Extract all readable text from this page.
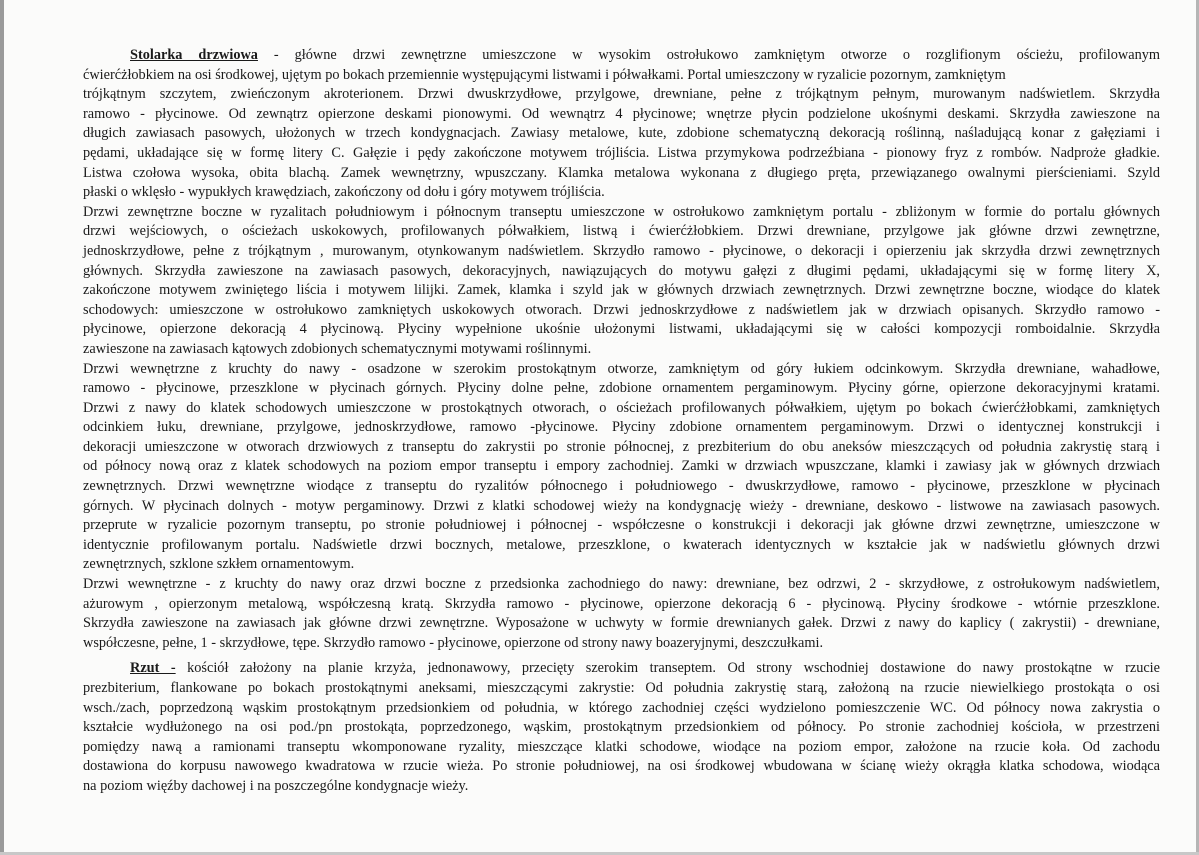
Stolarka drzwiowa - główne drzwi zewnętrzne umieszczone w wysokim ostrołukowo zamkniętym otworze o rozglifionym ościeżu, profilowanym
ćwierćżłobkiem na osi środkowej, ujętym po bokach przemiennie występującymi listwami i półwałkami. Portal umieszczony w ryzalicie pozornym, zamkniętym
trójkątnym szczytem, zwieńczonym akroterionem. Drzwi dwuskrzydłowe, przylgowe, drewniane, pełne z trójkątnym pełnym, murowanym nadświetlem. Skrzydła
ramowo - płycinowe. Od zewnątrz opierzone deskami pionowymi. Od wewnątrz 4 płycinowe; wnętrze płycin podzielone ukośnymi deskami. Skrzydła zawieszone na
długich zawiasach pasowych, ułożonych w trzech kondygnacjach. Zawiasy metalowe, kute, zdobione schematyczną dekoracją roślinną, naśladującą konar z gałęziami i
pędami, układające się w formę litery C. Gałęzie i pędy zakończone motywem trójliścia. Listwa przymykowa podrzeźbiana - pionowy fryz z rombów. Nadproże gładkie.
Listwa czołowa wysoka, obita blachą. Zamek wewnętrzny, wpuszczany. Klamka metalowa wykonana z długiego pręta, przewiązanego owalnymi pierścieniami. Szyld
płaski o wklęsło - wypukłych krawędziach, zakończony od dołu i góry motywem trójliścia.
Drzwi zewnętrzne boczne w ryzalitach południowym i północnym transeptu umieszczone w ostrołukowo zamkniętym portalu - zbliżonym w formie do portalu głównych
drzwi wejściowych, o ościeżach uskokowych, profilowanych półwałkiem, listwą i ćwierćżłobkiem. Drzwi drewniane, przylgowe jak główne drzwi zewnętrzne,
jednoskrzydłowe, pełne z trójkątnym , murowanym, otynkowanym nadświetlem. Skrzydło ramowo - płycinowe, o dekoracji i opierzeniu jak skrzydła drzwi zewnętrznych
głównych. Skrzydła zawieszone na zawiasach pasowych, dekoracyjnych, nawiązujących do motywu gałęzi z długimi pędami, układającymi się w formę litery X,
zakończone motywem zwiniętego liścia i motywem lilijki. Zamek, klamka i szyld jak w głównych drzwiach zewnętrznych. Drzwi zewnętrzne boczne, wiodące do klatek
schodowych: umieszczone w ostrołukowo zamkniętych uskokowych otworach. Drzwi jednoskrzydłowe z nadświetlem jak w drzwiach opisanych. Skrzydło ramowo -
płycinowe, opierzone dekoracją 4 płycinową. Płyciny wypełnione ukośnie ułożonymi listwami, układającymi się w całości kompozycji romboidalnie. Skrzydła
zawieszone na zawiasach kątowych zdobionych schematycznymi motywami roślinnymi.
Drzwi wewnętrzne z kruchty do nawy - osadzone w szerokim prostokątnym otworze, zamkniętym od góry łukiem odcinkowym. Skrzydła drewniane, wahadłowe,
ramowo - płycinowe, przeszklone w płycinach górnych. Płyciny dolne pełne, zdobione ornamentem pergaminowym. Płyciny górne, opierzone dekoracyjnymi kratami.
Drzwi z nawy do klatek schodowych umieszczone w prostokątnych otworach, o ościeżach profilowanych półwałkiem, ujętym po bokach ćwierćżłobkami, zamkniętych
odcinkiem łuku, drewniane, przylgowe, jednoskrzydłowe, ramowo -płycinowe. Płyciny zdobione ornamentem pergaminowym. Drzwi o identycznej konstrukcji i
dekoracji umieszczone w otworach drzwiowych z transeptu do zakrystii po stronie północnej, z prezbiterium do obu aneksów mieszczących od południa zakrystię starą i
od północy nową oraz z klatek schodowych na poziom empor transeptu i empory zachodniej. Zamki w drzwiach wpuszczane, klamki i zawiasy jak w głównych drzwiach
zewnętrznych. Drzwi wewnętrzne wiodące z transeptu do ryzalitów północnego i południowego - dwuskrzydłowe, ramowo - płycinowe, przeszklone w płycinach
górnych. W płycinach dolnych - motyw pergaminowy. Drzwi z klatki schodowej wieży na kondygnację wieży - drewniane, deskowo - listwowe na zawiasach pasowych.
przeprute w ryzalicie pozornym transeptu, po stronie południowej i północnej - współczesne o konstrukcji i dekoracji jak główne drzwi zewnętrzne, umieszczone w
identycznie profilowanym portalu. Nadświetle drzwi bocznych, metalowe, przeszklone, o kwaterach identycznych w kształcie jak w nadświetlu głównych drzwi
zewnętrznych, szklone szkłem ornamentowym.
Drzwi wewnętrzne - z kruchty do nawy oraz drzwi boczne z przedsionka zachodniego do nawy: drewniane, bez odrzwi, 2 - skrzydłowe, z ostrołukowym nadświetlem,
ażurowym , opierzonym metalową, współczesną kratą. Skrzydła ramowo - płycinowe, opierzone dekoracją 6 - płycinową. Płyciny środkowe - wtórnie przeszklone.
Skrzydła zawieszone na zawiasach jak główne drzwi zewnętrzne. Wyposażone w uchwyty w formie drewnianych gałek. Drzwi z nawy do kaplicy ( zakrystii) - drewniane,
współczesne, pełne, 1 - skrzydłowe, tępe. Skrzydło ramowo - płycinowe, opierzone od strony nawy boazeryjnymi, deszczułkami.
Rzut - kościół założony na planie krzyża, jednonawowy, przecięty szerokim transeptem. Od strony wschodniej dostawione do nawy prostokątne w rzucie
prezbiterium, flankowane po bokach prostokątnymi aneksami, mieszczącymi zakrystie: Od południa zakrystię starą, założoną na rzucie niewielkiego prostokąta o osi
wsch./zach, poprzedzoną wąskim prostokątnym przedsionkiem od południa, w którego zachodniej części wydzielono pomieszczenie WC. Od północy nowa zakrystia o
kształcie wydłużonego na osi pod./pn prostokąta, poprzedzonego, wąskim, prostokątnym przedsionkiem od północy. Po stronie zachodniej kościoła, w przestrzeni
pomiędzy nawą a ramionami transeptu wkomponowane ryzality, mieszczące klatki schodowe, wiodące na poziom empor, założone na rzucie koła. Od zachodu
dostawiona do korpusu nawowego kwadratowa w rzucie wieża. Po stronie południowej, na osi środkowej wbudowana w ścianę wieży okrągła klatka schodowa, wiodąca
na poziom więźby dachowej i na poszczególne kondygnacje wieży.
